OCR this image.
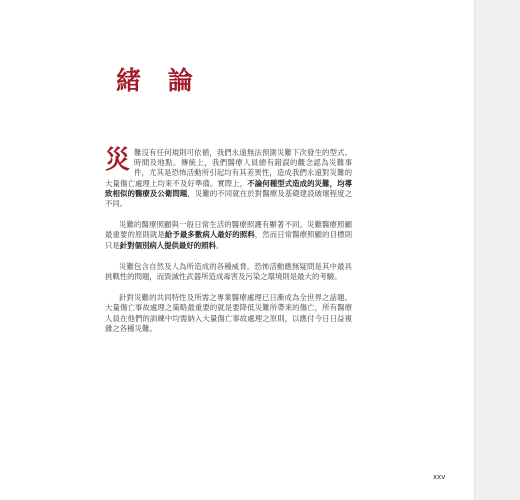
緒 論

災 難沒有任何規則可依循，我們永遠無法預測災難下次發生的型式、時間及地點。傳統上，我們醫療人員總有錯誤的觀念認為災難事件，尤其是恐怖活動所引起均有其差異性，造成我們永遠對災難的大量傷亡處理上均來不及好準備。實際上，不論何種型式造成的災難，均導致相似的醫療及公衛問題，災難的不同就在於對醫療及基礎建設破壞程度之不同。

災難的醫療照顧與一般日常生活的醫療照護有顯著不同。災難醫療照顧最重要的原則就是給予最多數病人最好的照料，然而日常醫療照顧的目標則只是針對個別病人提供最好的照料。

災難包含自然及人為所造成的各種威脅。恐怖活動應無疑問是其中最具挑戰性的問題，而毀滅性武器所造成毒害及污染之環境則是最大的考驗。

針對災難的共同特性及所需之專業醫療處理已日漸成為全世界之話題。大量傷亡事故處理之策略最重要的就是要降低災難所帶來的傷亡，所有醫療人員在他們的訓練中均需納入大量傷亡事故處理之原則，以應付今日日益複雜之各種災難。

xxv
